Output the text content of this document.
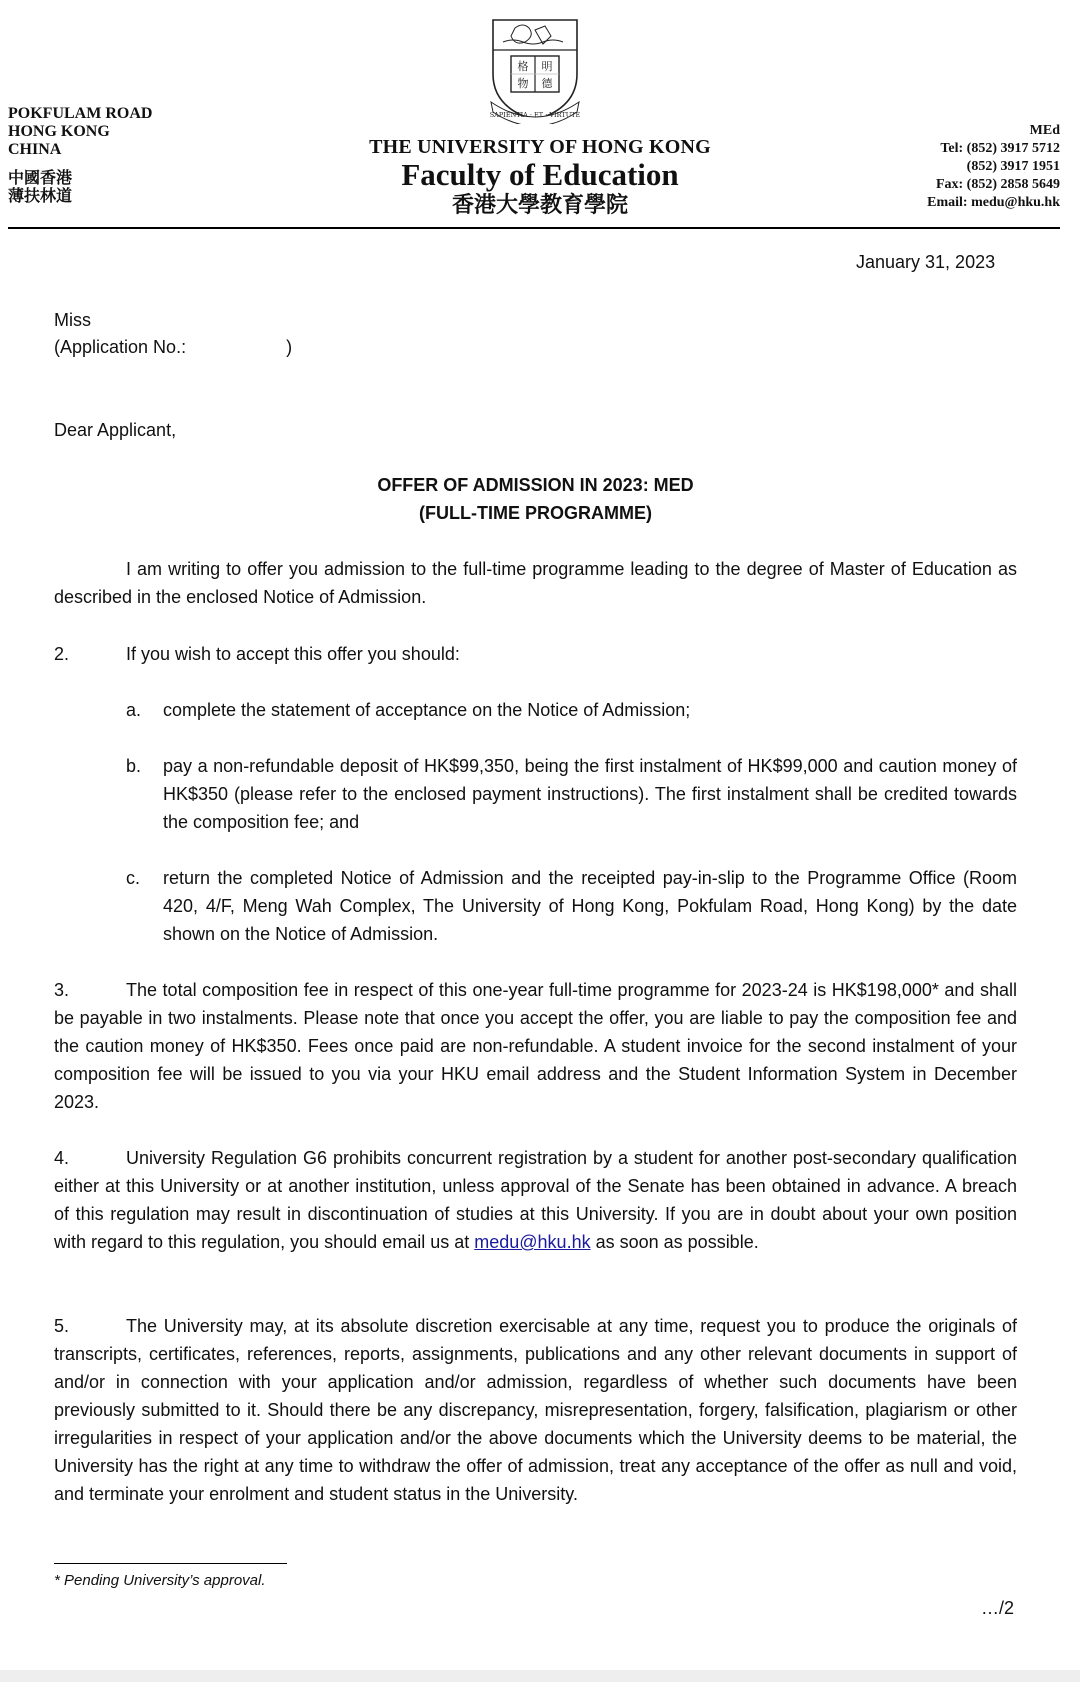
POKFULAM ROAD
HONG KONG
CHINA
中國香港
薄扶林道
格 明
物 德
SAPIENTIA · ET · VIRTUTE
THE UNIVERSITY OF HONG KONG
Faculty of Education
香港大學教育學院
MEd
Tel: (852) 3917 5712
(852) 3917 1951
Fax: (852) 2858 5649
Email: medu@hku.hk
January 31, 2023
Miss
(Application No.:	)
Dear Applicant,
OFFER OF ADMISSION IN 2023: MED
(FULL-TIME PROGRAMME)
I am writing to offer you admission to the full-time programme leading to the degree of Master of Education as described in the enclosed Notice of Admission.
2.	If you wish to accept this offer you should:
a. complete the statement of acceptance on the Notice of Admission;
b. pay a non-refundable deposit of HK$99,350, being the first instalment of HK$99,000 and caution money of HK$350 (please refer to the enclosed payment instructions). The first instalment shall be credited towards the composition fee; and
c. return the completed Notice of Admission and the receipted pay-in-slip to the Programme Office (Room 420, 4/F, Meng Wah Complex, The University of Hong Kong, Pokfulam Road, Hong Kong) by the date shown on the Notice of Admission.
3.	The total composition fee in respect of this one-year full-time programme for 2023-24 is HK$198,000* and shall be payable in two instalments. Please note that once you accept the offer, you are liable to pay the composition fee and the caution money of HK$350. Fees once paid are non-refundable. A student invoice for the second instalment of your composition fee will be issued to you via your HKU email address and the Student Information System in December 2023.
4.	University Regulation G6 prohibits concurrent registration by a student for another post-secondary qualification either at this University or at another institution, unless approval of the Senate has been obtained in advance. A breach of this regulation may result in discontinuation of studies at this University. If you are in doubt about your own position with regard to this regulation, you should email us at medu@hku.hk as soon as possible.
5.	The University may, at its absolute discretion exercisable at any time, request you to produce the originals of transcripts, certificates, references, reports, assignments, publications and any other relevant documents in support of and/or in connection with your application and/or admission, regardless of whether such documents have been previously submitted to it. Should there be any discrepancy, misrepresentation, forgery, falsification, plagiarism or other irregularities in respect of your application and/or the above documents which the University deems to be material, the University has the right at any time to withdraw the offer of admission, treat any acceptance of the offer as null and void, and terminate your enrolment and student status in the University.
* Pending University’s approval.
…/2
